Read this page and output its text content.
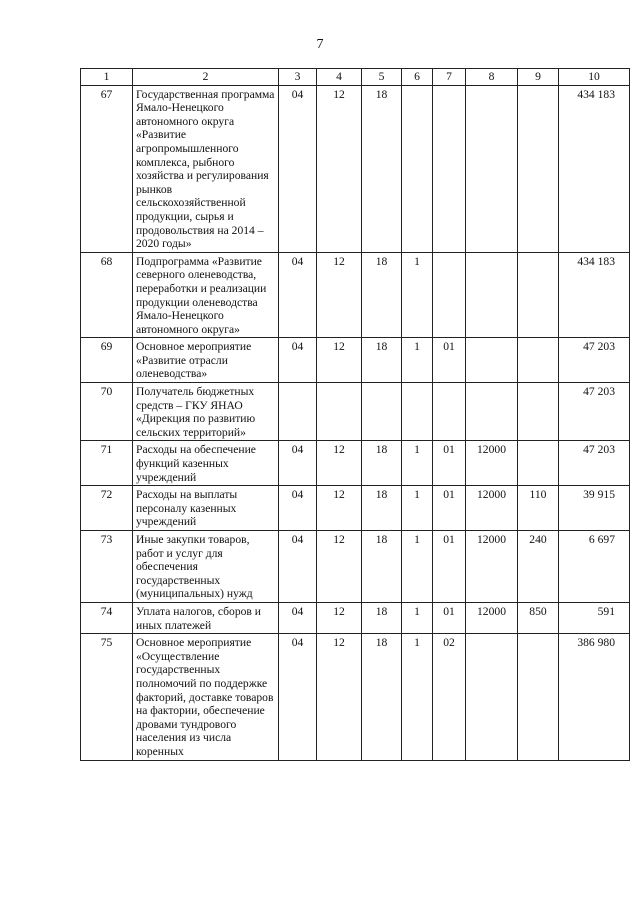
7
1	2	3	4	5	6	7	8	9	10
67	Государственная программа Ямало-Ненецкого автономного округа «Развитие агропромышленного комплекса, рыбного хозяйства и регулирования рынков сельскохозяйственной продукции, сырья и продовольствия на 2014 – 2020 годы»	04	12	18					434 183
68	Подпрограмма «Развитие северного оленеводства, переработки и реализации продукции оленеводства Ямало-Ненецкого автономного округа»	04	12	18	1				434 183
69	Основное мероприятие «Развитие отрасли оленеводства»	04	12	18	1	01			47 203
70	Получатель бюджетных средств – ГКУ ЯНАО «Дирекция по развитию сельских территорий»								47 203
71	Расходы на обеспечение функций казенных учреждений	04	12	18	1	01	12000		47 203
72	Расходы на выплаты персоналу казенных учреждений	04	12	18	1	01	12000	110	39 915
73	Иные закупки товаров, работ и услуг для обеспечения государственных (муниципальных) нужд	04	12	18	1	01	12000	240	6 697
74	Уплата налогов, сборов и иных платежей	04	12	18	1	01	12000	850	591
75	Основное мероприятие «Осуществление государственных полномочий по поддержке факторий, доставке товаров на фактории, обеспечение дровами тундрового населения из числа коренных	04	12	18	1	02			386 980
